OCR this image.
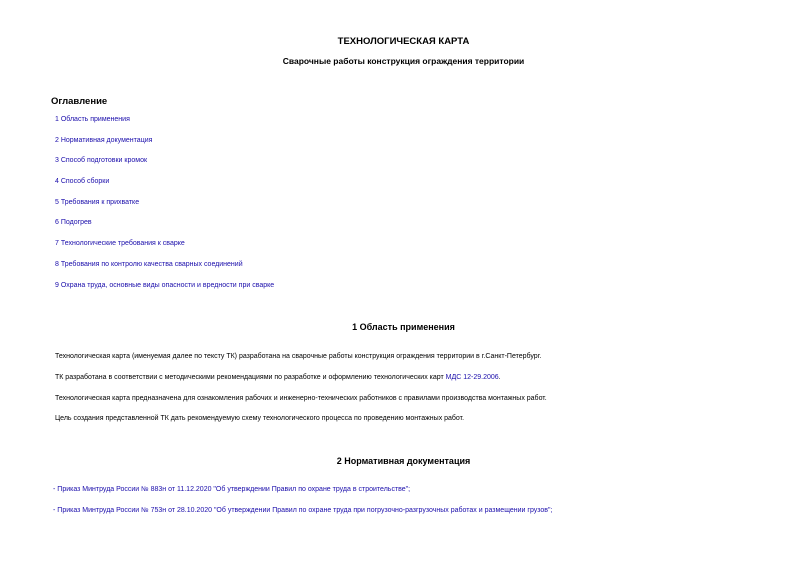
ТЕХНОЛОГИЧЕСКАЯ КАРТА
Сварочные работы конструкция ограждения территории
Оглавление
1 Область применения
2 Нормативная документация
3 Способ подготовки кромок
4 Способ сборки
5 Требования к прихватке
6 Подогрев
7 Технологические требования к сварке
8 Требования по контролю качества сварных соединений
9 Охрана труда, основные виды опасности и вредности при сварке
1 Область применения
Технологическая карта (именуемая далее по тексту ТК) разработана на сварочные работы конструкция ограждения территории в г.Санкт-Петербург.
ТК разработана в соответствии с методическими рекомендациями по разработке и оформлению технологических карт МДС 12-29.2006.
Технологическая карта предназначена для ознакомления рабочих и инженерно-технических работников с правилами производства монтажных работ.
Цель создания представленной ТК дать рекомендуемую схему технологического процесса по проведению монтажных работ.
2 Нормативная документация
- Приказ Минтруда России № 883н от 11.12.2020 "Об утверждении Правил по охране труда в строительстве";
- Приказ Минтруда России № 753н от 28.10.2020 "Об утверждении Правил по охране труда при погрузочно-разгрузочных работах и размещении грузов";
